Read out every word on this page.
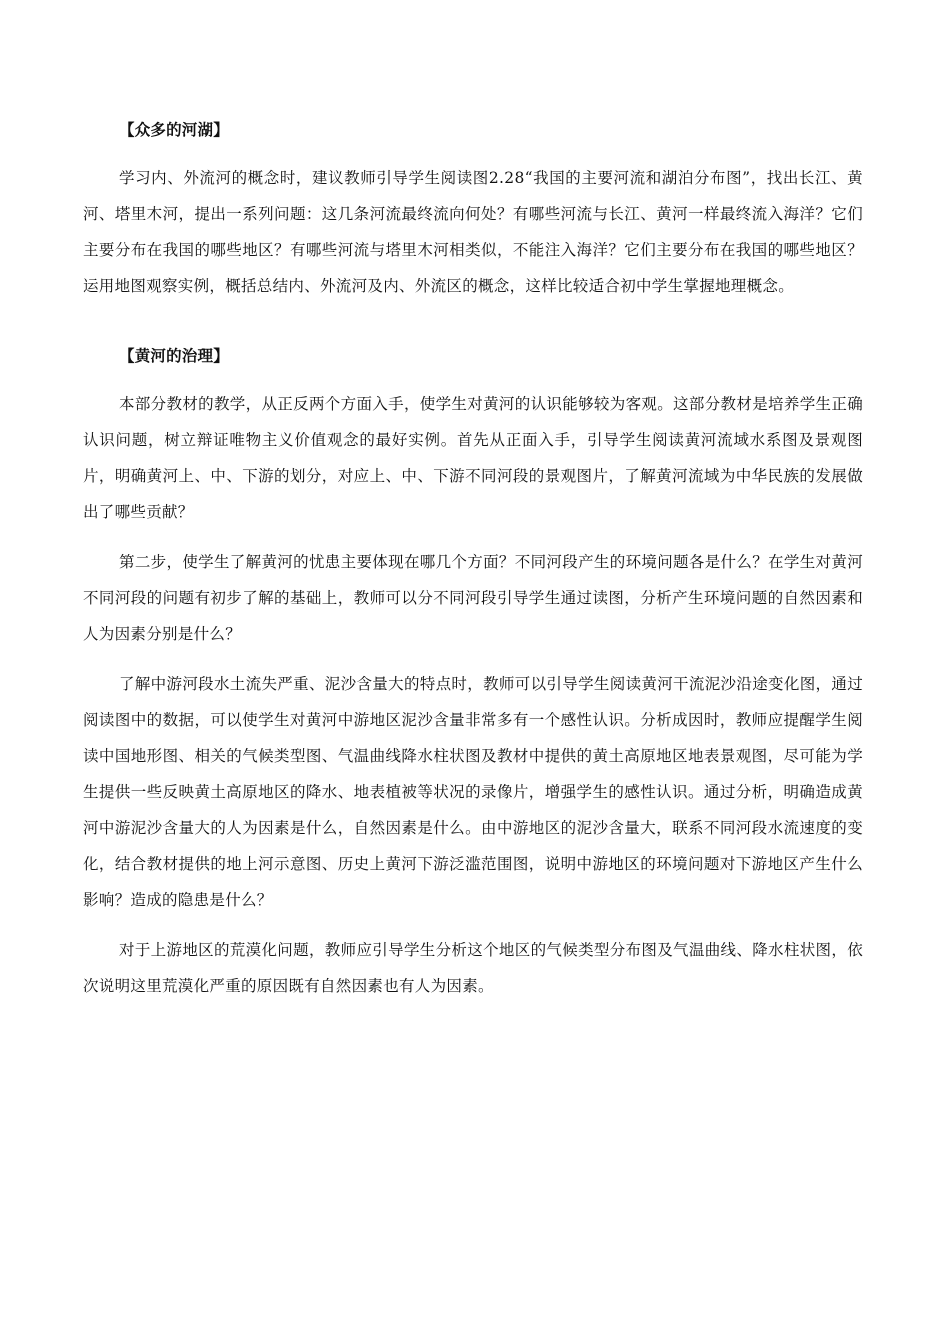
【众多的河湖】

学习内、外流河的概念时，建议教师引导学生阅读图2.28“我国的主要河流和湖泊分布图”，找出长江、黄河、塔里木河，提出一系列问题：这几条河流最终流向何处？有哪些河流与长江、黄河一样最终流入海洋？它们主要分布在我国的哪些地区？有哪些河流与塔里木河相类似，不能注入海洋？它们主要分布在我国的哪些地区？运用地图观察实例，概括总结内、外流河及内、外流区的概念，这样比较适合初中学生掌握地理概念。

【黄河的治理】

本部分教材的教学，从正反两个方面入手，使学生对黄河的认识能够较为客观。这部分教材是培养学生正确认识问题，树立辩证唯物主义价值观念的最好实例。首先从正面入手，引导学生阅读黄河流域水系图及景观图片，明确黄河上、中、下游的划分，对应上、中、下游不同河段的景观图片，了解黄河流域为中华民族的发展做出了哪些贡献？

第二步，使学生了解黄河的忧患主要体现在哪几个方面？不同河段产生的环境问题各是什么？在学生对黄河不同河段的问题有初步了解的基础上，教师可以分不同河段引导学生通过读图，分析产生环境问题的自然因素和人为因素分别是什么？

了解中游河段水土流失严重、泥沙含量大的特点时，教师可以引导学生阅读黄河干流泥沙沿途变化图，通过阅读图中的数据，可以使学生对黄河中游地区泥沙含量非常多有一个感性认识。分析成因时，教师应提醒学生阅读中国地形图、相关的气候类型图、气温曲线降水柱状图及教材中提供的黄土高原地区地表景观图，尽可能为学生提供一些反映黄土高原地区的降水、地表植被等状况的录像片，增强学生的感性认识。通过分析，明确造成黄河中游泥沙含量大的人为因素是什么，自然因素是什么。由中游地区的泥沙含量大，联系不同河段水流速度的变化，结合教材提供的地上河示意图、历史上黄河下游泛滥范围图，说明中游地区的环境问题对下游地区产生什么影响？造成的隐患是什么？

对于上游地区的荒漠化问题，教师应引导学生分析这个地区的气候类型分布图及气温曲线、降水柱状图，依次说明这里荒漠化严重的原因既有自然因素也有人为因素。
